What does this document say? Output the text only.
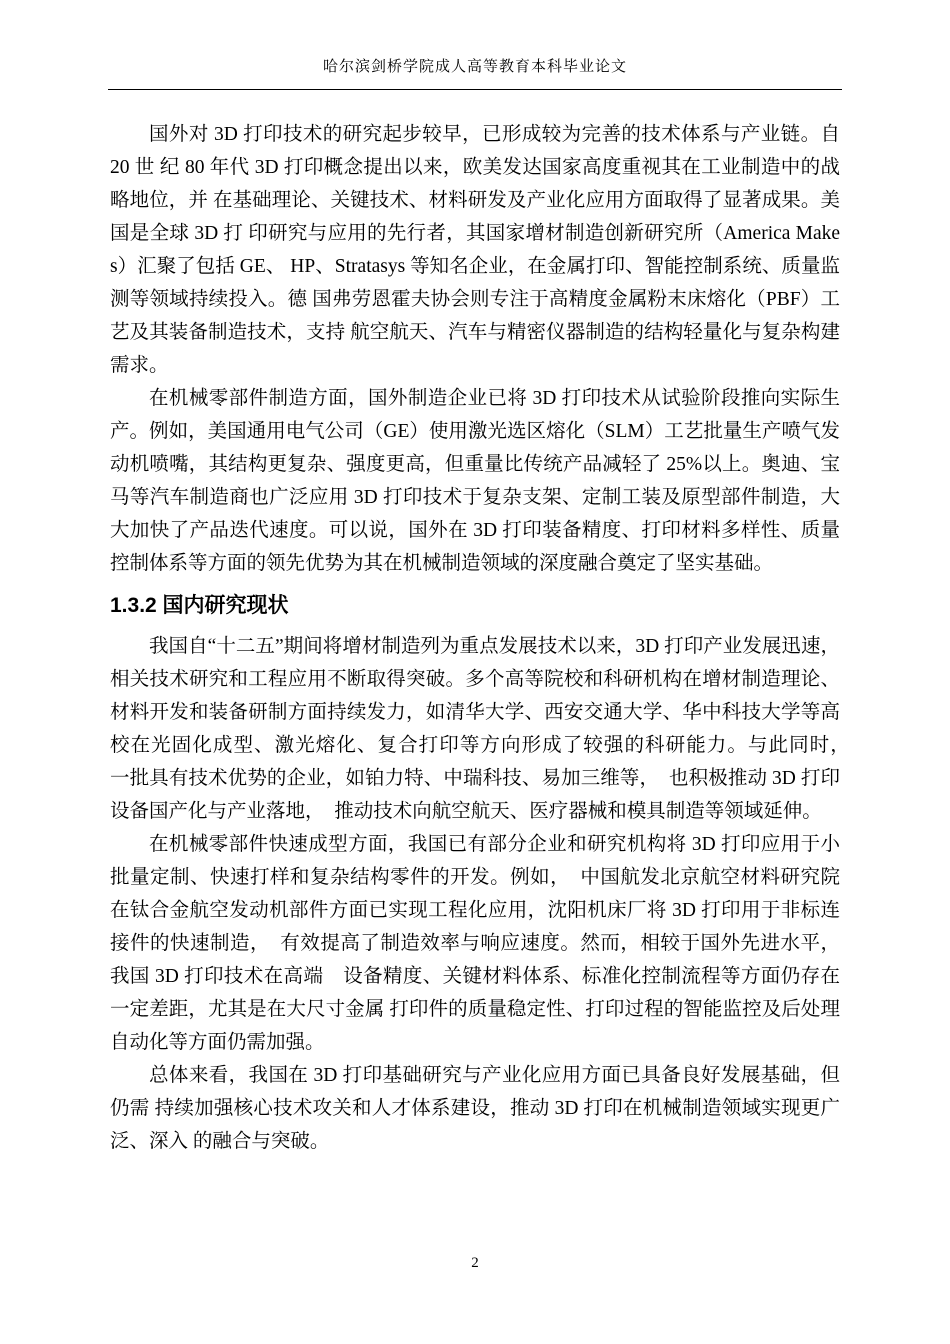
哈尔滨剑桥学院成人高等教育本科毕业论文

国外对 3D 打印技术的研究起步较早，已形成较为完善的技术体系与产业链。自 20 世 纪 80 年代 3D 打印概念提出以来，欧美发达国家高度重视其在工业制造中的战略地位，并 在基础理论、关键技术、材料研发及产业化应用方面取得了显著成果。美国是全球 3D 打 印研究与应用的先行者，其国家增材制造创新研究所（America Makes）汇聚了包括 GE、 HP、Stratasys 等知名企业，在金属打印、智能控制系统、质量监测等领域持续投入。德 国弗劳恩霍夫协会则专注于高精度金属粉末床熔化（PBF）工艺及其装备制造技术，支持 航空航天、汽车与精密仪器制造的结构轻量化与复杂构建需求。

在机械零部件制造方面，国外制造企业已将 3D 打印技术从试验阶段推向实际生产。例如，美国通用电气公司（GE）使用激光选区熔化（SLM）工艺批量生产喷气发动机喷嘴，其结构更复杂、强度更高，但重量比传统产品减轻了 25%以上。奥迪、宝马等汽车制造商也广泛应用 3D 打印技术于复杂支架、定制工装及原型部件制造，大大加快了产品迭代速度。可以说，国外在 3D 打印装备精度、打印材料多样性、质量控制体系等方面的领先优势为其在机械制造领域的深度融合奠定了坚实基础。

1.3.2 国内研究现状

我国自“十二五”期间将增材制造列为重点发展技术以来，3D 打印产业发展迅速，相关技术研究和工程应用不断取得突破。多个高等院校和科研机构在增材制造理论、材料开发和装备研制方面持续发力，如清华大学、西安交通大学、华中科技大学等高校在光固化成型、激光熔化、复合打印等方向形成了较强的科研能力。与此同时，　一批具有技术优势的企业，如铂力特、中瑞科技、易加三维等，　也积极推动 3D 打印设备国产化与产业落地，　推动技术向航空航天、医疗器械和模具制造等领域延伸。

在机械零部件快速成型方面，我国已有部分企业和研究机构将 3D 打印应用于小批量定制、快速打样和复杂结构零件的开发。例如，　中国航发北京航空材料研究院在钛合金航空发动机部件方面已实现工程化应用，沈阳机床厂将 3D 打印用于非标连接件的快速制造，　有效提高了制造效率与响应速度。然而，相较于国外先进水平，我国 3D 打印技术在高端　设备精度、关键材料体系、标准化控制流程等方面仍存在一定差距，尤其是在大尺寸金属 打印件的质量稳定性、打印过程的智能监控及后处理自动化等方面仍需加强。

总体来看，我国在 3D 打印基础研究与产业化应用方面已具备良好发展基础，但仍需 持续加强核心技术攻关和人才体系建设，推动 3D 打印在机械制造领域实现更广泛、深入 的融合与突破。

2
